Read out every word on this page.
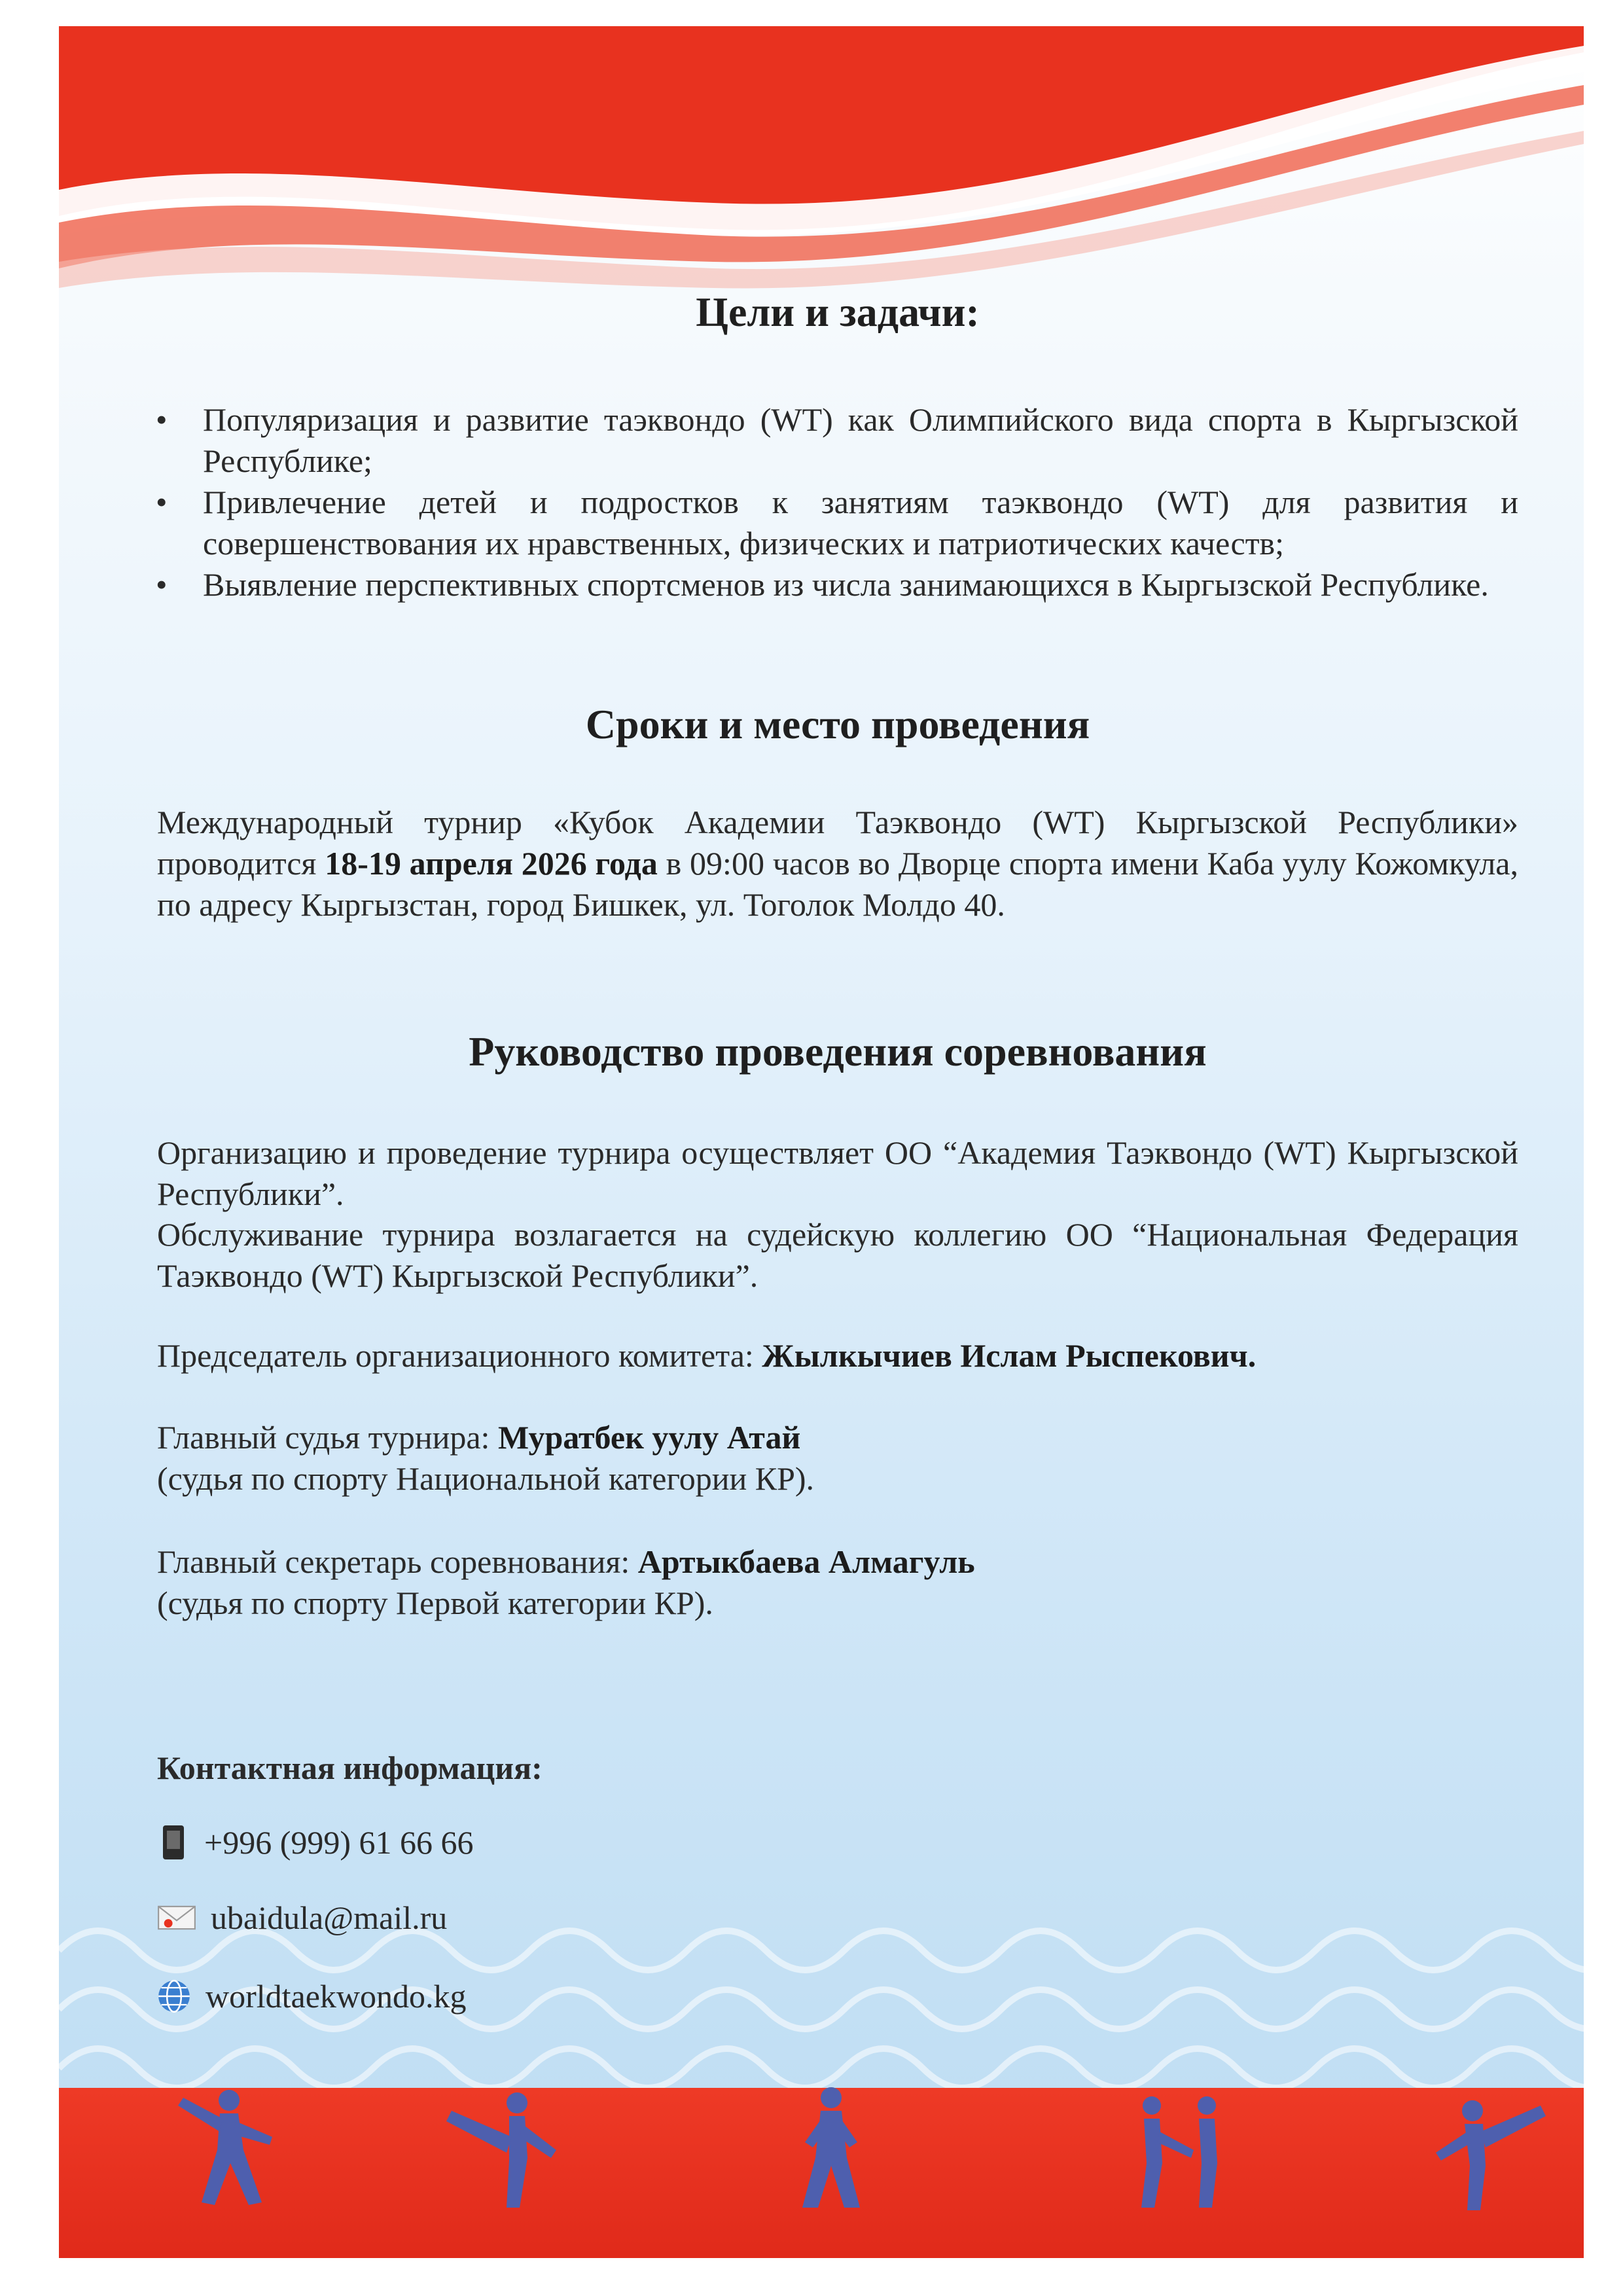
Цели и задачи:
• Популяризация и развитие таэквондо (WT) как Олимпийского вида спорта в Кыргызской Республике;
• Привлечение детей и подростков к занятиям таэквондо (WT) для развития и совершенствования их нравственных, физических и патриотических качеств;
• Выявление перспективных спортсменов из числа занимающихся в Кыргызской Республике.
Сроки и место проведения

Международный турнир «Кубок Академии Таэквондо (WT) Кыргызской Республики» проводится 18-19 апреля 2026 года в 09:00 часов во Дворце спорта имени Каба уулу Кожомкула, по адресу Кыргызстан, город Бишкек, ул. Тоголок Молдо 40.

Руководство проведения соревнования

Организацию и проведение турнира осуществляет ОО “Академия Таэквондо (WT) Кыргызской Республики”.

Обслуживание турнира возлагается на судейскую коллегию ОО “Национальная Федерация Таэквондо (WT) Кыргызской Республики”.

Председатель организационного комитета: Жылкычиев Ислам Рыспекович.

Главный судья турнира: Муратбек уулу Атай

(судья по спорту Национальной категории КР).

Главный секретарь соревнования: Артыкбаева Алмагуль

(судья по спорту Первой категории КР).

Контактная информация:

+996 (999) 61 66 66
ubaidula@mail.ru
worldtaekwondo.kg
